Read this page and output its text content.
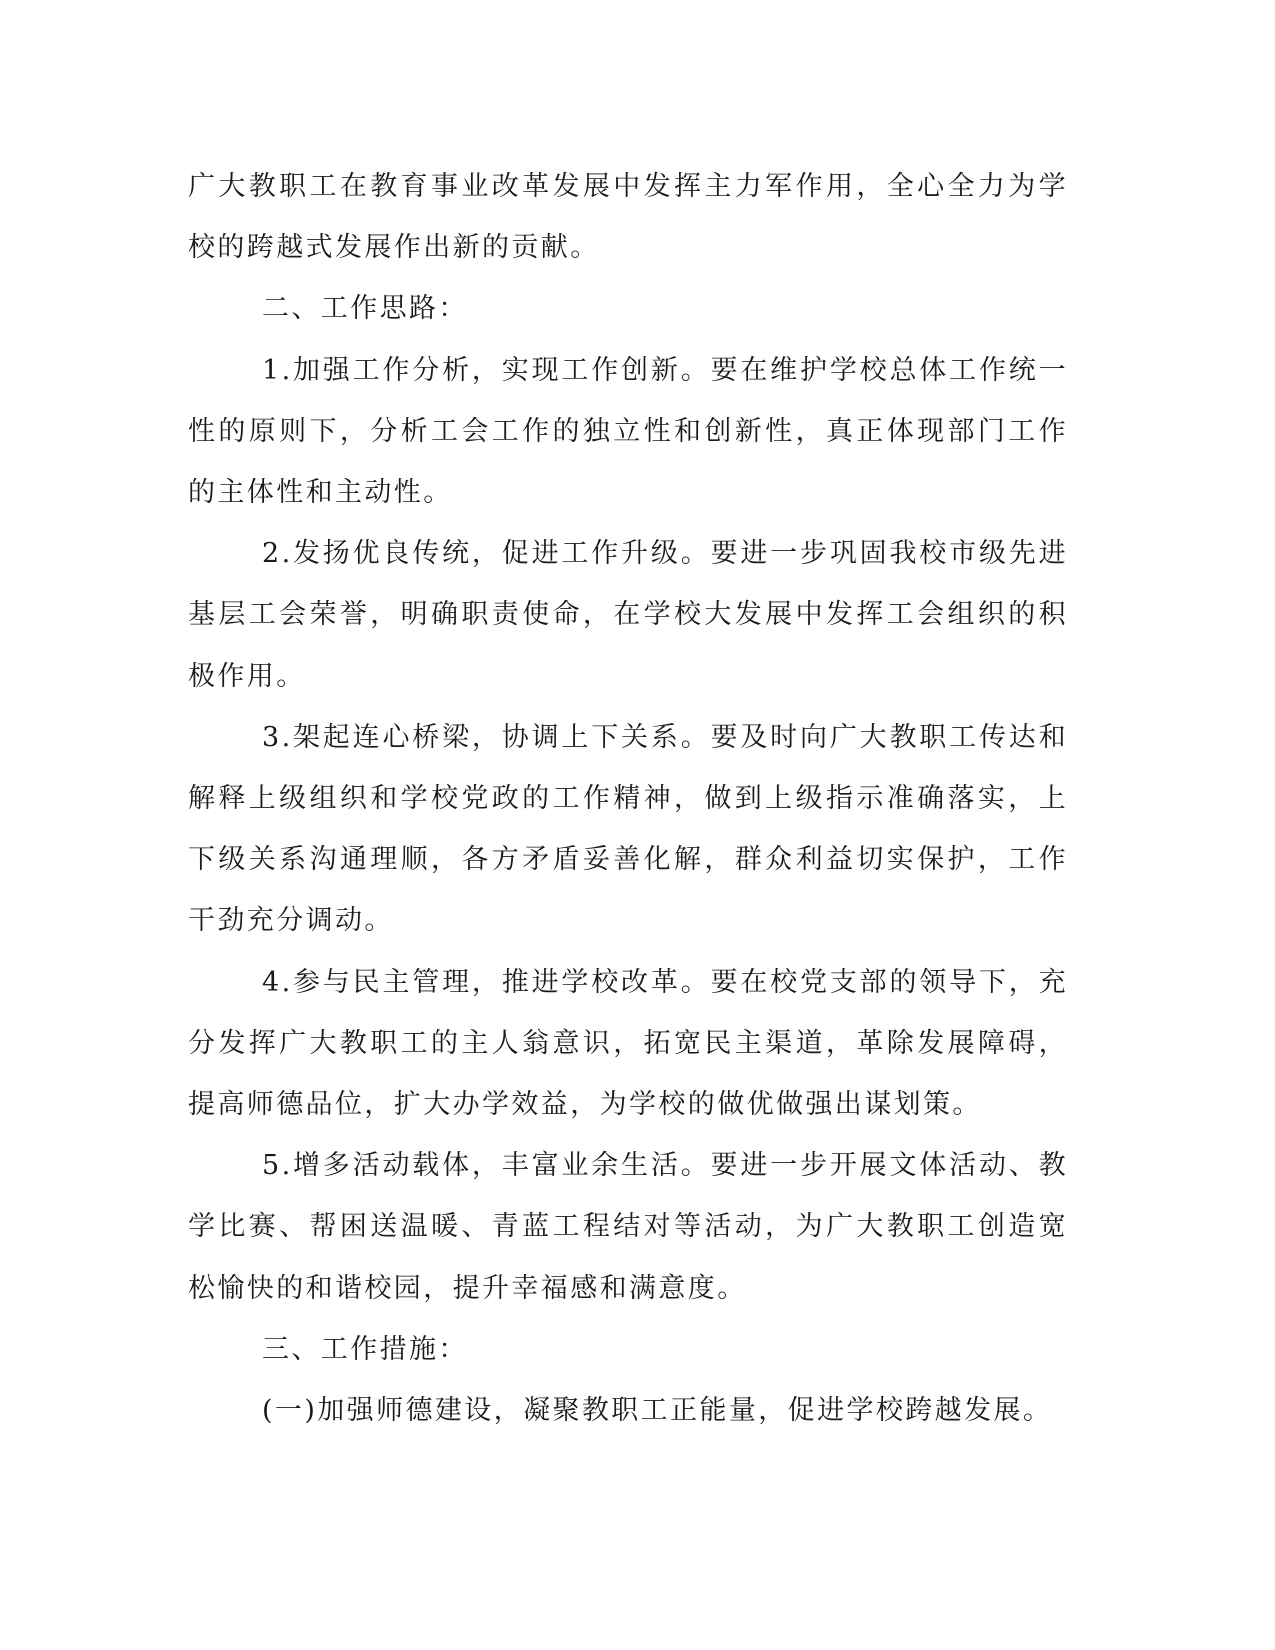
广大教职工在教育事业改革发展中发挥主力军作用，全心全力为学校的跨越式发展作出新的贡献。

二、工作思路：

1.加强工作分析，实现工作创新。要在维护学校总体工作统一性的原则下，分析工会工作的独立性和创新性，真正体现部门工作的主体性和主动性。

2.发扬优良传统，促进工作升级。要进一步巩固我校市级先进基层工会荣誉，明确职责使命，在学校大发展中发挥工会组织的积极作用。

3.架起连心桥梁，协调上下关系。要及时向广大教职工传达和解释上级组织和学校党政的工作精神，做到上级指示准确落实，上下级关系沟通理顺，各方矛盾妥善化解，群众利益切实保护，工作干劲充分调动。

4.参与民主管理，推进学校改革。要在校党支部的领导下，充分发挥广大教职工的主人翁意识，拓宽民主渠道，革除发展障碍，提高师德品位，扩大办学效益，为学校的做优做强出谋划策。

5.增多活动载体，丰富业余生活。要进一步开展文体活动、教学比赛、帮困送温暖、青蓝工程结对等活动，为广大教职工创造宽松愉快的和谐校园，提升幸福感和满意度。

三、工作措施：

(一)加强师德建设，凝聚教职工正能量，促进学校跨越发展。
